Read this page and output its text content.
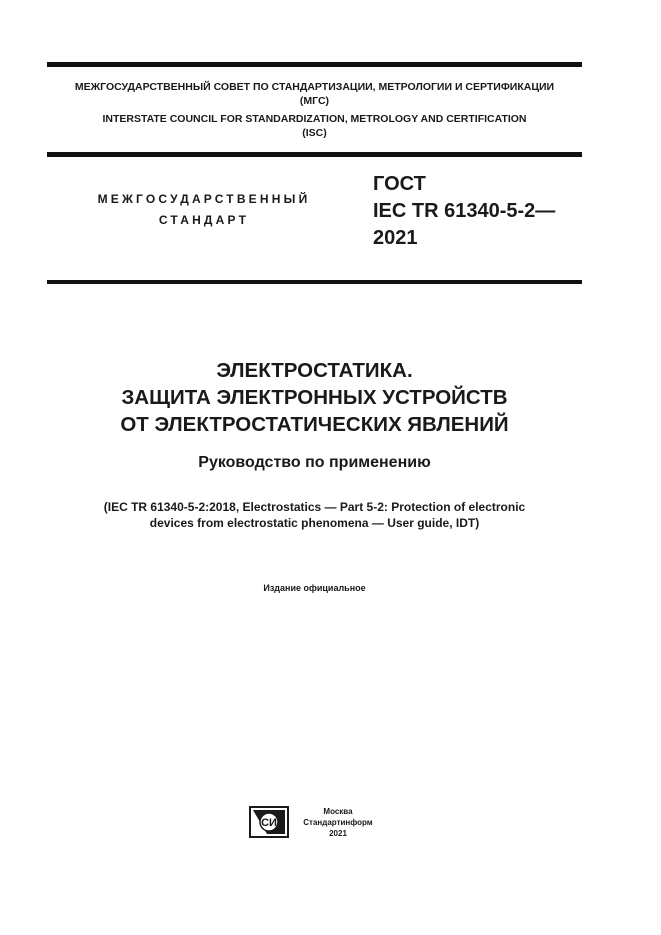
МЕЖГОСУДАРСТВЕННЫЙ СОВЕТ ПО СТАНДАРТИЗАЦИИ, МЕТРОЛОГИИ И СЕРТИФИКАЦИИ
(МГС)
INTERSTATE COUNCIL FOR STANDARDIZATION, METROLOGY AND CERTIFICATION
(ISC)
МЕЖГОСУДАРСТВЕННЫЙ
СТАНДАРТ
ГОСТ
IEC TR 61340-5-2—
2021
ЭЛЕКТРОСТАТИКА.
ЗАЩИТА ЭЛЕКТРОННЫХ УСТРОЙСТВ
ОТ ЭЛЕКТРОСТАТИЧЕСКИХ ЯВЛЕНИЙ
Руководство по применению
(IEC TR 61340-5-2:2018, Electrostatics — Part 5-2: Protection of electronic
devices from electrostatic phenomena — User guide, IDT)
Издание официальное
СИ
Москва
Стандартинформ
2021
